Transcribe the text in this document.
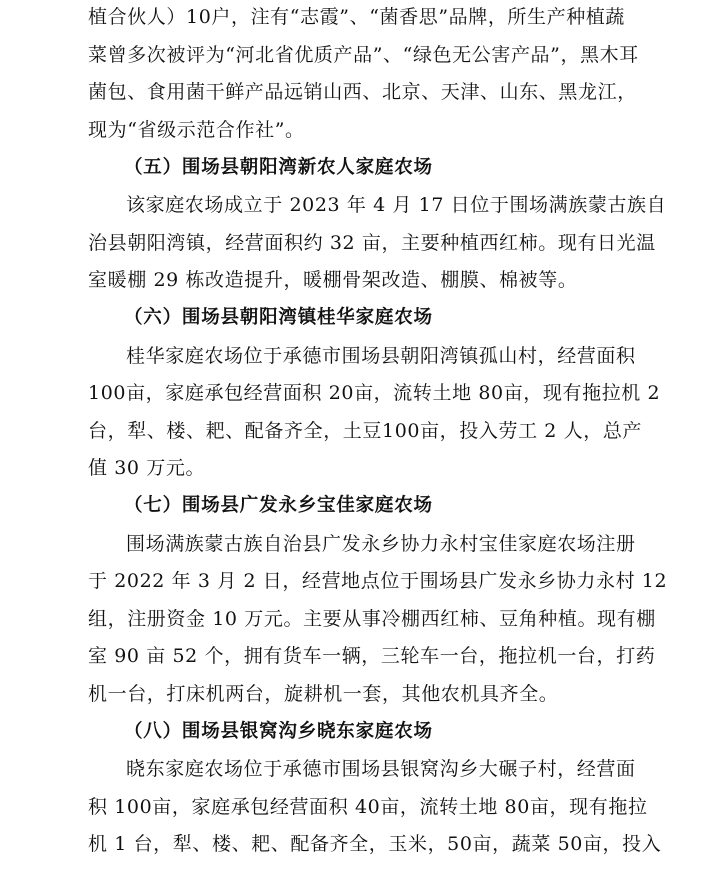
植合伙人）10户，注有“志霞”、“菌香思”品牌，所生产种植蔬
菜曾多次被评为“河北省优质产品”、“绿色无公害产品”，黑木耳
菌包、食用菌干鲜产品远销山西、北京、天津、山东、黑龙江，
现为“省级示范合作社”。
（五）围场县朝阳湾新农人家庭农场
该家庭农场成立于 2023 年 4 月 17 日位于围场满族蒙古族自
治县朝阳湾镇，经营面积约 32 亩，主要种植西红柿。现有日光温
室暖棚 29 栋改造提升，暖棚骨架改造、棚膜、棉被等。
（六）围场县朝阳湾镇桂华家庭农场
桂华家庭农场位于承德市围场县朝阳湾镇孤山村，经营面积
100亩，家庭承包经营面积 20亩，流转土地 80亩，现有拖拉机 2
台，犁、楼、耙、配备齐全，土豆100亩，投入劳工 2 人，总产
值 30 万元。
（七）围场县广发永乡宝佳家庭农场
围场满族蒙古族自治县广发永乡协力永村宝佳家庭农场注册
于 2022 年 3 月 2 日，经营地点位于围场县广发永乡协力永村 12
组，注册资金 10 万元。主要从事冷棚西红柿、豆角种植。现有棚
室 90 亩 52 个，拥有货车一辆，三轮车一台，拖拉机一台，打药
机一台，打床机两台，旋耕机一套，其他农机具齐全。
（八）围场县银窝沟乡晓东家庭农场
晓东家庭农场位于承德市围场县银窝沟乡大碾子村，经营面
积 100亩，家庭承包经营面积 40亩，流转土地 80亩，现有拖拉
机 1 台，犁、楼、耙、配备齐全，玉米，50亩，蔬菜 50亩，投入
